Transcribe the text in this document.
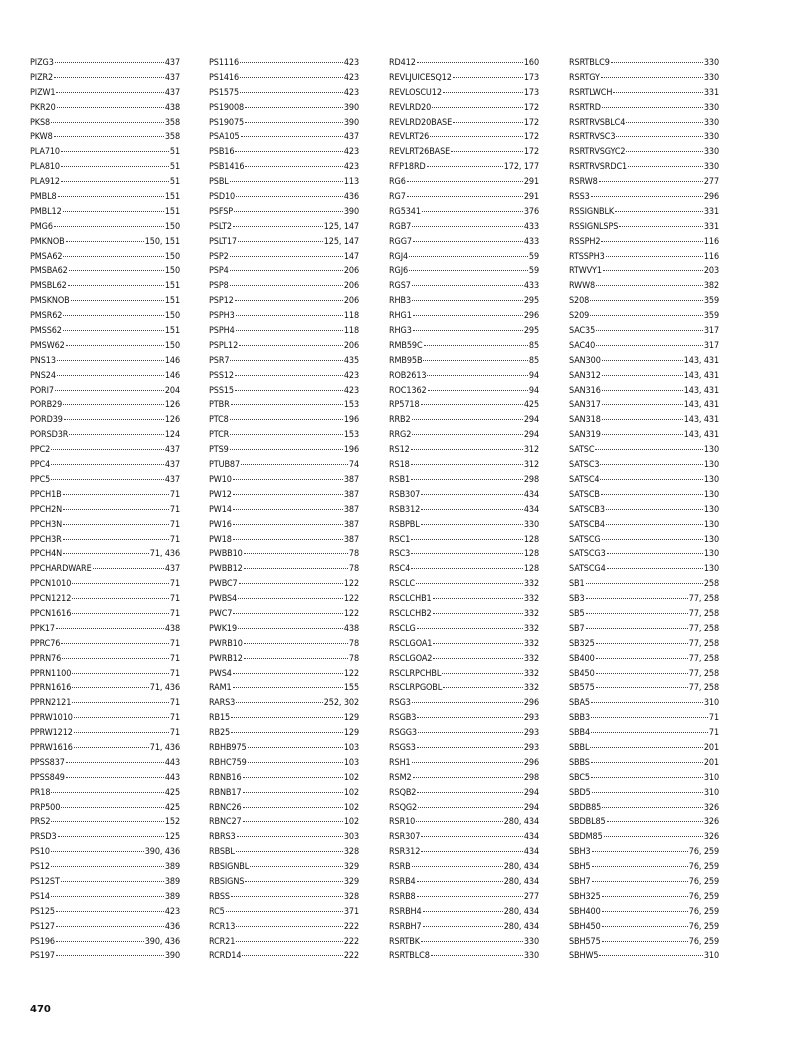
PIZG3	437
PIZR2	437
PIZW1	437
PKR20	438
PKS8	358
PKW8	358
PLA710	51
PLA810	51
PLA912	51
PMBL8	151
PMBL12	151
PMG6	150
PMKNOB	150, 151
PMSA62	150
PMSBA62	150
PMSBL62	151
PMSKNOB	151
PMSR62	150
PMSS62	151
PMSW62	150
PNS13	146
PNS24	146
PORI7	204
PORB29	126
PORD39	126
PORSD3R	124
PPC2	437
PPC4	437
PPC5	437
PPCH1B	71
PPCH2N	71
PPCH3N	71
PPCH3R	71
PPCH4N	71, 436
PPCHARDWARE	437
PPCN1010	71
PPCN1212	71
PPCN1616	71
PPK17	438
PPRC76	71
PPRN76	71
PPRN1100	71
PPRN1616	71, 436
PPRN2121	71
PPRW1010	71
PPRW1212	71
PPRW1616	71, 436
PPSS837	443
PPSS849	443
PR18	425
PRP500	425
PRS2	152
PRSD3	125
PS10	390, 436
PS12	389
PS12ST	389
PS14	389
PS125	423
PS127	436
PS196	390, 436
PS197	390
PS1116	423
PS1416	423
PS1575	423
PS19008	390
PS19075	390
PSA105	437
PSB16	423
PSB1416	423
PSBL	113
PSD10	436
PSFSP	390
PSLT2	125, 147
PSLT17	125, 147
PSP2	147
PSP4	206
PSP8	206
PSP12	206
PSPH3	118
PSPH4	118
PSPL12	206
PSR7	435
PSS12	423
PSS15	423
PTBR	153
PTC8	196
PTCR	153
PTS9	196
PTUB87	74
PW10	387
PW12	387
PW14	387
PW16	387
PW18	387
PWBB10	78
PWBB12	78
PWBC7	122
PWBS4	122
PWC7	122
PWK19	438
PWRB10	78
PWRB12	78
PWS4	122
RAM1	155
RARS3	252, 302
RB15	129
RB25	129
RBHB975	103
RBHC759	103
RBNB16	102
RBNB17	102
RBNC26	102
RBNC27	102
RBRS3	303
RBSBL	328
RBSIGNBL	329
RBSIGNS	329
RBSS	328
RC5	371
RCR13	222
RCR21	222
RCRD14	222
RD412	160
REVLJUICESQ12	173
REVLOSCU12	173
REVLRD20	172
REVLRD20BASE	172
REVLRT26	172
REVLRT26BASE	172
RFP18RD	172, 177
RG6	291
RG7	291
RG5341	376
RGB7	433
RGG7	433
RGJ4	59
RGJ6	59
RGS7	433
RHB3	295
RHG1	296
RHG3	295
RMB59C	85
RMB95B	85
ROB2613	94
ROC1362	94
RP5718	425
RRB2	294
RRG2	294
RS12	312
RS18	312
RSB1	298
RSB307	434
RSB312	434
RSBPBL	330
RSC1	128
RSC3	128
RSC4	128
RSCLC	332
RSCLCHB1	332
RSCLCHB2	332
RSCLG	332
RSCLGOA1	332
RSCLGOA2	332
RSCLRPCHBL	332
RSCLRPGOBL	332
RSG3	296
RSGB3	293
RSGG3	293
RSGS3	293
RSH1	296
RSM2	298
RSQB2	294
RSQG2	294
RSR10	280, 434
RSR307	434
RSR312	434
RSRB	280, 434
RSRB4	280, 434
RSRB8	277
RSRBH4	280, 434
RSRBH7	280, 434
RSRTBK	330
RSRTBLC8	330
RSRTBLC9	330
RSRTGY	330
RSRTLWCH	331
RSRTRD	330
RSRTRVSBLC4	330
RSRTRVSC3	330
RSRTRVSGYC2	330
RSRTRVSRDC1	330
RSRW8	277
RSS3	296
RSSIGNBLK	331
RSSIGNLSPS	331
RSSPH2	116
RTSSPH3	116
RTWVY1	203
RWW8	382
S208	359
S209	359
SAC35	317
SAC40	317
SAN300	143, 431
SAN312	143, 431
SAN316	143, 431
SAN317	143, 431
SAN318	143, 431
SAN319	143, 431
SATSC	130
SATSC3	130
SATSC4	130
SATSCB	130
SATSCB3	130
SATSCB4	130
SATSCG	130
SATSCG3	130
SATSCG4	130
SB1	258
SB3	77, 258
SB5	77, 258
SB7	77, 258
SB325	77, 258
SB400	77, 258
SB450	77, 258
SB575	77, 258
SBA5	310
SBB3	71
SBB4	71
SBBL	201
SBBS	201
SBC5	310
SBD5	310
SBDB85	326
SBDBL85	326
SBDM85	326
SBH3	76, 259
SBH5	76, 259
SBH7	76, 259
SBH325	76, 259
SBH400	76, 259
SBH450	76, 259
SBH575	76, 259
SBHW5	310
470
